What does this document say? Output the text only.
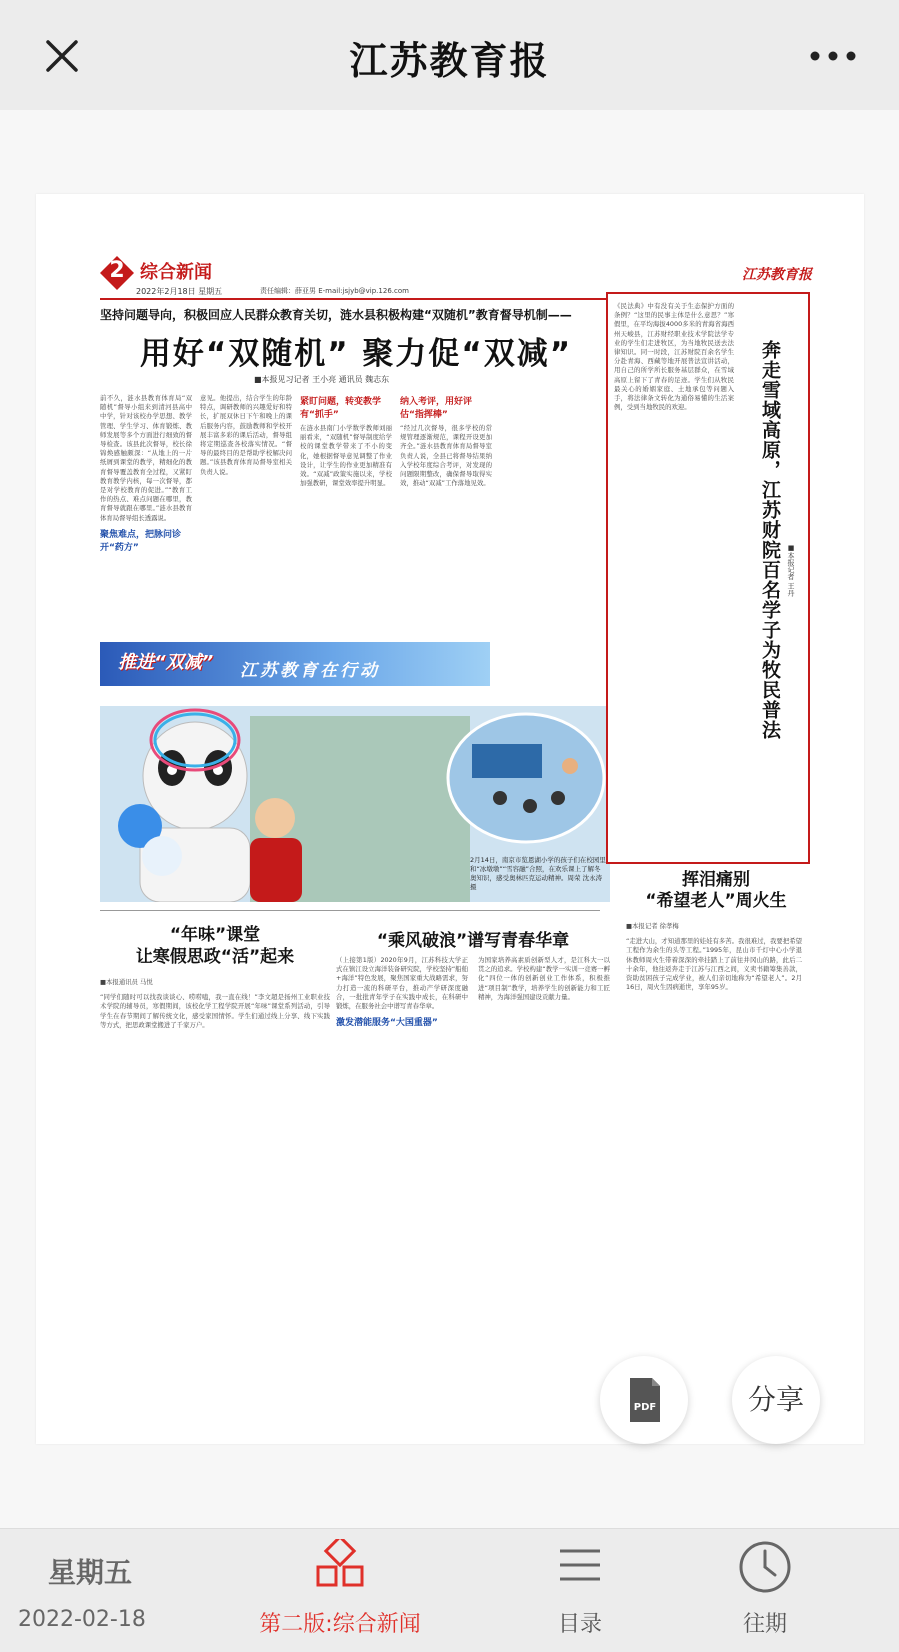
江苏教育报
2 综合新闻
2022年2月18日 星期五	责任编辑：薛亚男 E-mail:jsjyb@vip.126.com
江苏教育报
坚持问题导向，积极回应人民群众教育关切，涟水县积极构建“双随机”教育督导机制——
用好“双随机” 聚力促“双减”
■本报见习记者 王小亮 通讯员 魏志东
前不久，涟水县教育体育局“双随机”督导小组来到清河县高中中学，针对该校办学思想、教学管理、学生学习、体育锻炼、教师发展等多个方面进行细致的督导检查。该县此次督导，校长徐锦焕感触颇深：“从地上的一片纸屑到课堂的教学，精细化的教育督导覆盖教育全过程，又紧盯教育教学内核，每一次督导，都是对学校教育的促进。”“教育工作的热点、难点问题在哪里，教育督导就跟在哪里。”涟水县教育体育局督导组长透露说。
聚焦难点，把脉问诊开“药方”
意见。他提出，结合学生的年龄特点，调研教师的兴趣爱好和特长，扩展双休日下午和晚上的课后服务内容，鼓励教师和学校开展丰富多彩的课后活动，督导组将定期巡查各校落实情况。“督导的最终目的是帮助学校解决问题。”该县教育体育局督导室相关负责人说。
紧盯问题，转变教学有“抓手”
在涟水县南门小学数学教师刘丽丽看来，“双随机”督导制度给学校的课堂教学带来了不小的变化，她根据督导意见调整了作业设计，让学生的作业更加精准有效。“双减”政策实施以来，学校加强教研，课堂效率提升明显。
纳入考评，用好评估“指挥棒”
“经过几次督导，很多学校的常规管理逐渐规范，课程开设更加齐全。”涟水县教育体育局督导室负责人说，全县已将督导结果纳入学校年度综合考评，对发现的问题限期整改，确保督导取得实效，推动“双减”工作落地见效。
推进“双减” 江苏教育在行动
2月14日，南京市览恩湖小学的孩子们在校园里和“冰墩墩”“雪容融”合照，在欢乐课上了解冬奥知识，感受奥林匹克运动精神。周荣 沈永涛 摄
《民法典》中有没有关于生态保护方面的条例？“这里的民事主体是什么意思？”寒假里，在平均海拔4000多米的青海省海西州天峻县，江苏财经职业技术学院法学专业的学生们走进牧区，为当地牧民送去法律知识。同一时段，江苏财院百余名学生分赴青海、西藏等地开展普法宣讲活动，用自己的所学所长服务基层群众，在雪域高原上留下了青春的足迹。学生们从牧民最关心的婚姻家庭、土地承包等问题入手，将法律条文转化为通俗易懂的生活案例，受到当地牧民的欢迎。	奔走雪域高原，江苏财院百名学子为牧民普法 ■本报记者 王丹
挥泪痛别
“希望老人”周火生
■本报记者 徐孝梅
“走进大山，才知道那里的娃娃有多苦。我很难过，我要把希望工程作为余生的头等工程。”1995年，昆山市千灯中心小学退休教师周火生带着深深的牵挂踏上了前往井冈山的路，此后二十余年，他往返奔走于江苏与江西之间，义卖书籍筹集善款，资助贫困孩子完成学业，被人们亲切地称为“希望老人”。2月16日，周火生因病逝世，享年95岁。
“年味”课堂
让寒假思政“活”起来
■本报通讯员 马悦
“同学们随时可以找我谈谈心、唠唠嗑，我一直在线！”李文超是扬州工业职业技术学院的辅导员，寒假期间，该校化学工程学院开展“年味”课堂系列活动，引导学生在春节期间了解传统文化，感受家国情怀。学生们通过线上分享、线下实践等方式，把思政课堂搬进了千家万户。
“乘风破浪”谱写青春华章
（上接第1版）2020年9月，江苏科技大学正式在镇江设立海洋装备研究院，学校坚持“船舶+海洋”特色发展，聚焦国家重大战略需求，努力打造一流的科研平台，推动产学研深度融合，一批批青年学子在实践中成长，在科研中锻炼，在服务社会中谱写青春华章。
激发潜能服务“大国重器”
为国家培养高素质创新型人才，是江科大一以贯之的追求。学校构建“教学一实训一竞赛一孵化”四位一体的创新创业工作体系，积极推进“项目制”教学，培养学生的创新能力和工匠精神，为海洋强国建设贡献力量。
PDF	分享
星期五
2022-02-18	第二版:综合新闻	目录	往期
